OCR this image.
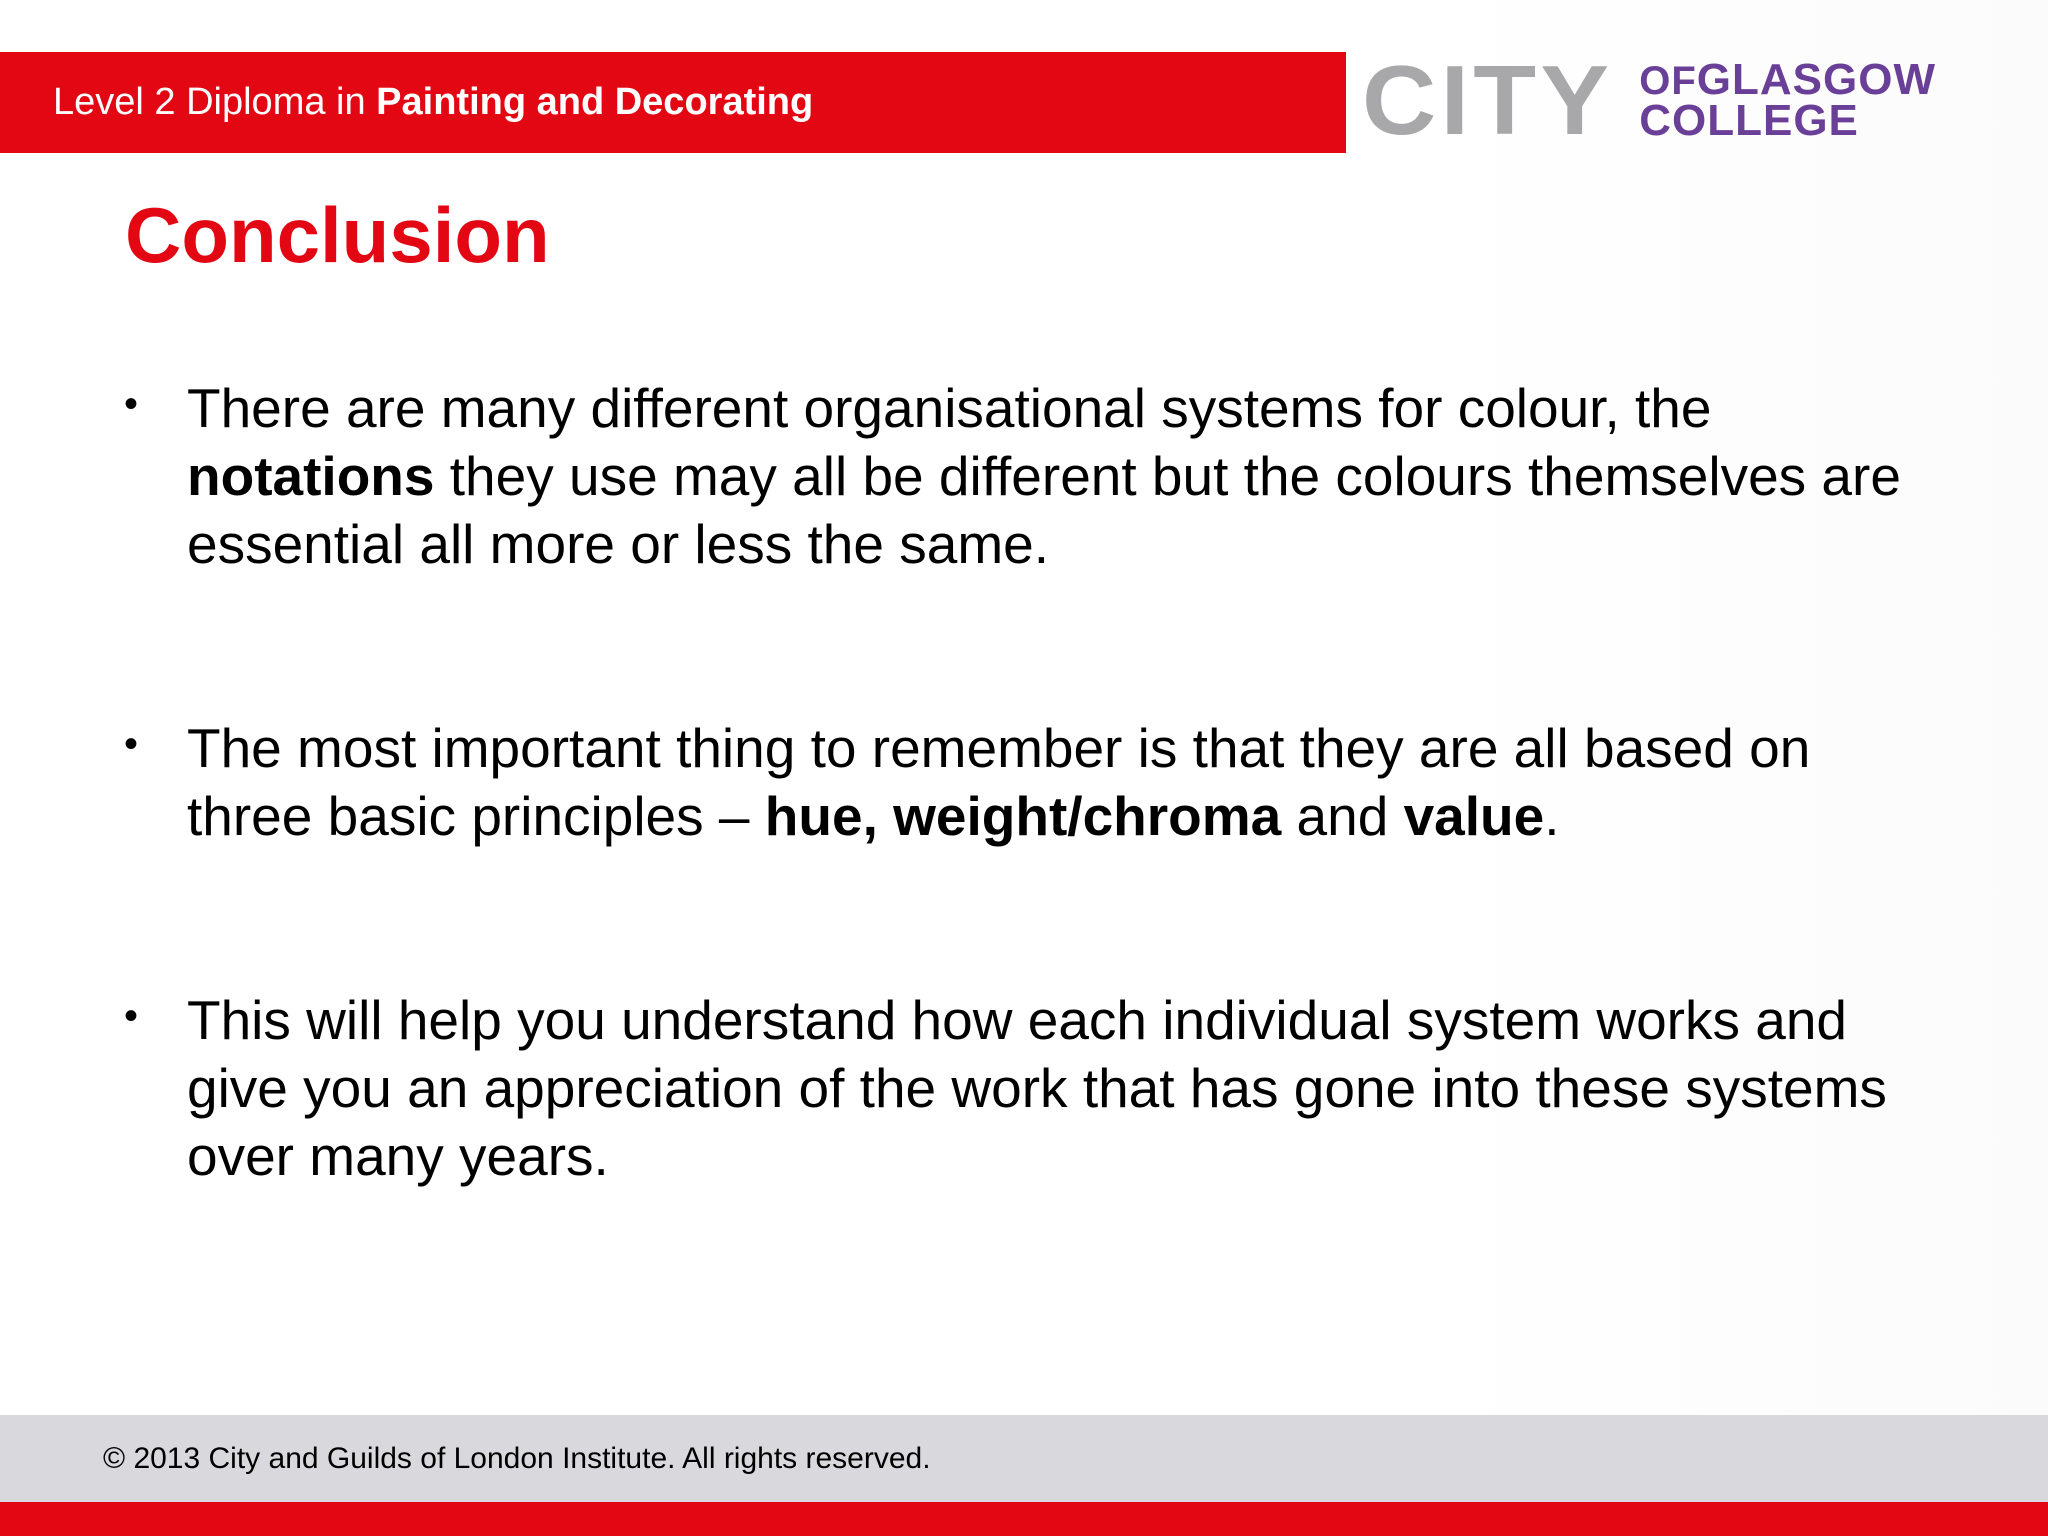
Level 2 Diploma in Painting and Decorating	CITY OFGLASGOW
COLLEGE
Conclusion
• There are many different organisational systems for colour, the notations they use may all be different but the colours themselves are essential all more or less the same.
• The most important thing to remember is that they are all based on three basic principles – hue, weight/chroma and value.
• This will help you understand how each individual system works and give you an appreciation of the work that has gone into these systems over many years.
© 2013 City and Guilds of London Institute. All rights reserved.
